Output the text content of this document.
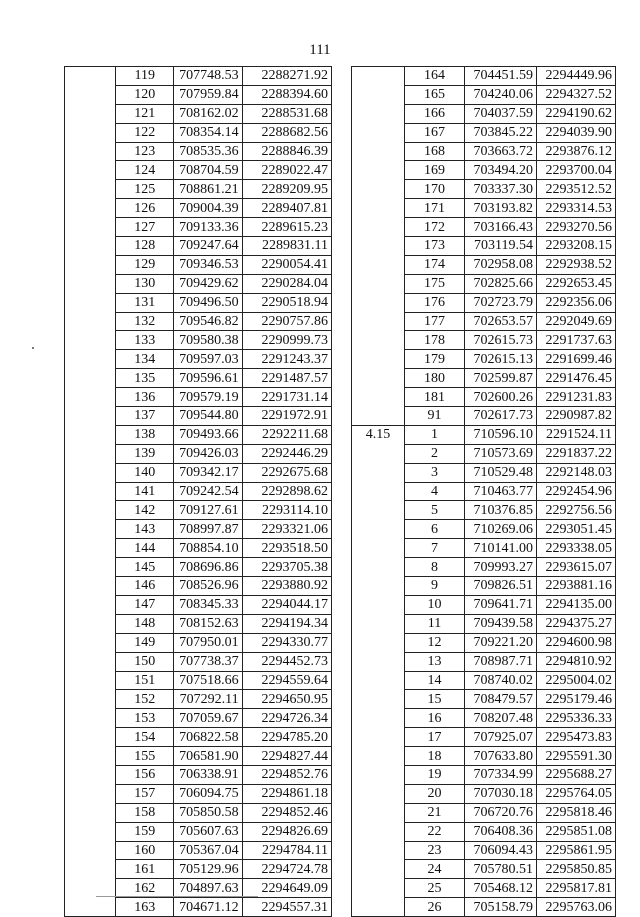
111
	119	707748.53	2288271.92
	120	707959.84	2288394.60
	121	708162.02	2288531.68
	122	708354.14	2288682.56
	123	708535.36	2288846.39
	124	708704.59	2289022.47
	125	708861.21	2289209.95
	126	709004.39	2289407.81
	127	709133.36	2289615.23
	128	709247.64	2289831.11
	129	709346.53	2290054.41
	130	709429.62	2290284.04
	131	709496.50	2290518.94
	132	709546.82	2290757.86
	133	709580.38	2290999.73
	134	709597.03	2291243.37
	135	709596.61	2291487.57
	136	709579.19	2291731.14
	137	709544.80	2291972.91
	138	709493.66	2292211.68
	139	709426.03	2292446.29
	140	709342.17	2292675.68
	141	709242.54	2292898.62
	142	709127.61	2293114.10
	143	708997.87	2293321.06
	144	708854.10	2293518.50
	145	708696.86	2293705.38
	146	708526.96	2293880.92
	147	708345.33	2294044.17
	148	708152.63	2294194.34
	149	707950.01	2294330.77
	150	707738.37	2294452.73
	151	707518.66	2294559.64
	152	707292.11	2294650.95
	153	707059.67	2294726.34
	154	706822.58	2294785.20
	155	706581.90	2294827.44
	156	706338.91	2294852.76
	157	706094.75	2294861.18
	158	705850.58	2294852.46
	159	705607.63	2294826.69
	160	705367.04	2294784.11
	161	705129.96	2294724.78
	162	704897.63	2294649.09
	163	704671.12	2294557.31
	164	704451.59	2294449.96
	165	704240.06	2294327.52
	166	704037.59	2294190.62
	167	703845.22	2294039.90
	168	703663.72	2293876.12
	169	703494.20	2293700.04
	170	703337.30	2293512.52
	171	703193.82	2293314.53
	172	703166.43	2293270.56
	173	703119.54	2293208.15
	174	702958.08	2292938.52
	175	702825.66	2292653.45
	176	702723.79	2292356.06
	177	702653.57	2292049.69
	178	702615.73	2291737.63
	179	702615.13	2291699.46
	180	702599.87	2291476.45
	181	702600.26	2291231.83
	91	702617.73	2290987.82
4.15	1	710596.10	2291524.11
	2	710573.69	2291837.22
	3	710529.48	2292148.03
	4	710463.77	2292454.96
	5	710376.85	2292756.56
	6	710269.06	2293051.45
	7	710141.00	2293338.05
	8	709993.27	2293615.07
	9	709826.51	2293881.16
	10	709641.71	2294135.00
	11	709439.58	2294375.27
	12	709221.20	2294600.98
	13	708987.71	2294810.92
	14	708740.02	2295004.02
	15	708479.57	2295179.46
	16	708207.48	2295336.33
	17	707925.07	2295473.83
	18	707633.80	2295591.30
	19	707334.99	2295688.27
	20	707030.18	2295764.05
	21	706720.76	2295818.46
	22	706408.36	2295851.08
	23	706094.43	2295861.95
	24	705780.51	2295850.85
	25	705468.12	2295817.81
	26	705158.79	2295763.06
